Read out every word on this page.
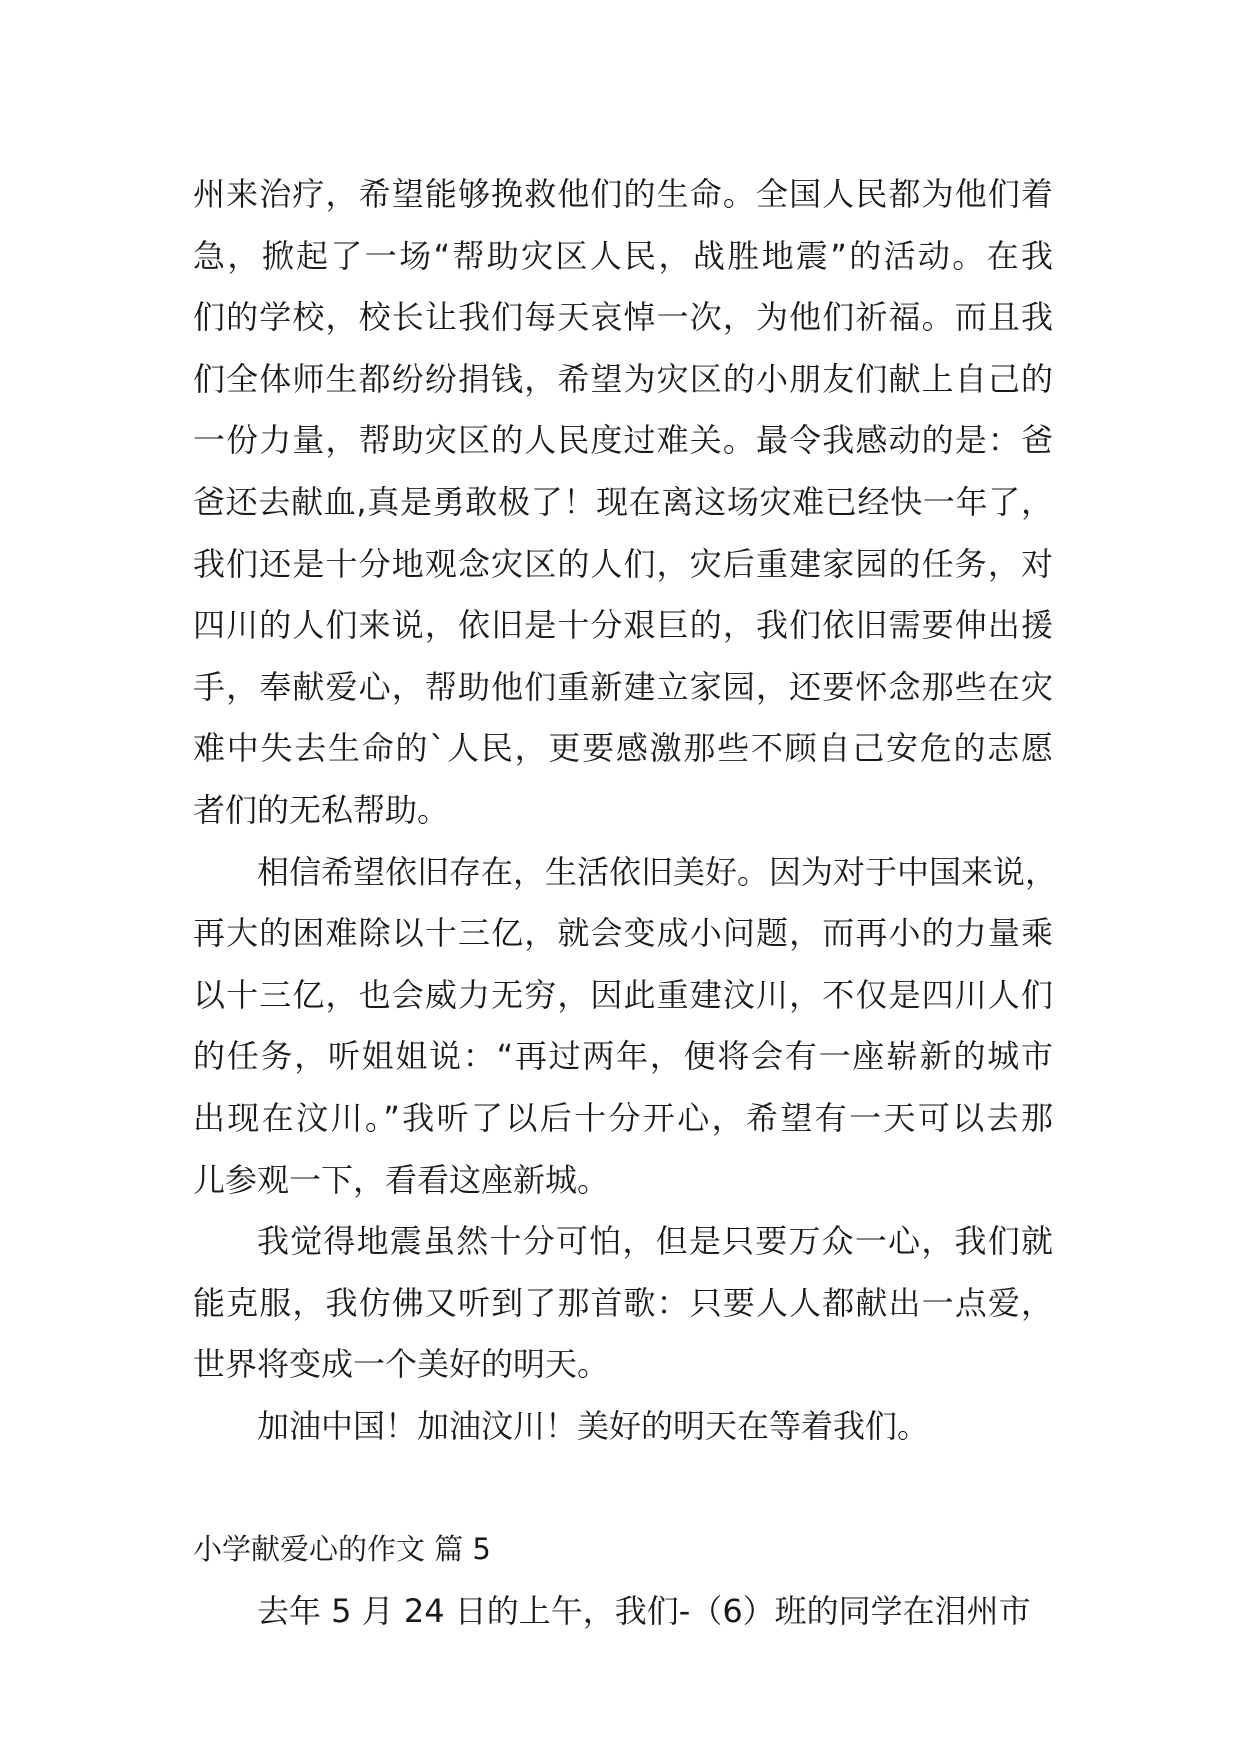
州来治疗，希望能够挽救他们的生命。全国人民都为他们着
急，掀起了一场“帮助灾区人民，战胜地震”的活动。在我
们的学校，校长让我们每天哀悼一次，为他们祈福。而且我
们全体师生都纷纷捐钱，希望为灾区的小朋友们献上自己的
一份力量，帮助灾区的人民度过难关。最令我感动的是：爸
爸还去献血,真是勇敢极了！现在离这场灾难已经快一年了，
我们还是十分地观念灾区的人们，灾后重建家园的任务，对
四川的人们来说，依旧是十分艰巨的，我们依旧需要伸出援
手，奉献爱心，帮助他们重新建立家园，还要怀念那些在灾
难中失去生命的`人民，更要感激那些不顾自己安危的志愿
者们的无私帮助。
相信希望依旧存在，生活依旧美好。因为对于中国来说，
再大的困难除以十三亿，就会变成小问题，而再小的力量乘
以十三亿，也会威力无穷，因此重建汶川，不仅是四川人们
的任务，听姐姐说：“再过两年，便将会有一座崭新的城市
出现在汶川。”我听了以后十分开心，希望有一天可以去那
儿参观一下，看看这座新城。
我觉得地震虽然十分可怕，但是只要万众一心，我们就
能克服，我仿佛又听到了那首歌：只要人人都献出一点爱，
世界将变成一个美好的明天。
加油中国！加油汶川！美好的明天在等着我们。
小学献爱心的作文 篇 5
去年 5 月 24 日的上午，我们-（6）班的同学在泪州市
